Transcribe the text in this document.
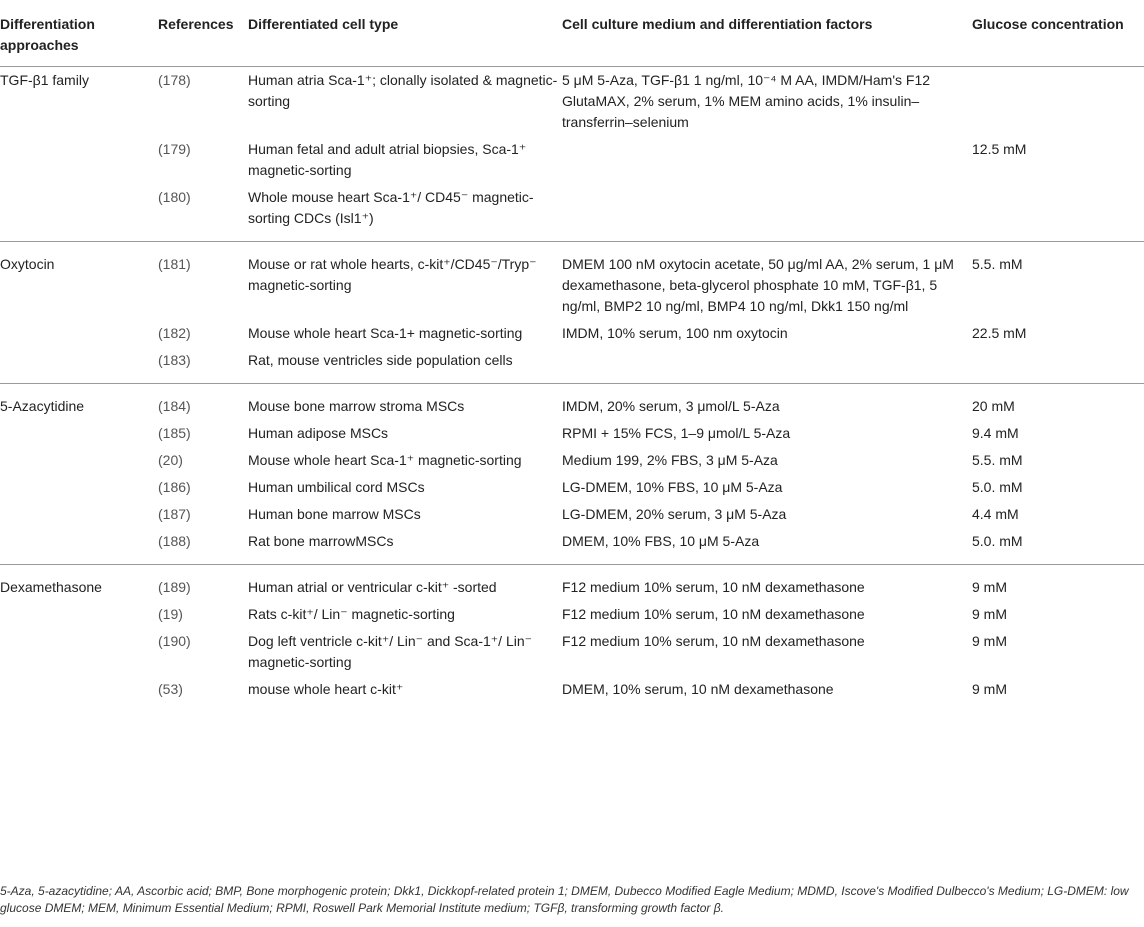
Differentiation approaches	References	Differentiated cell type	Cell culture medium and differentiation factors	Glucose concentration
TGF-β1 family	(178)	Human atria Sca-1⁺; clonally isolated & magnetic-sorting	5 μM 5-Aza, TGF-β1 1 ng/ml, 10⁻⁴ M AA, IMDM/Ham's F12 GlutaMAX, 2% serum, 1% MEM amino acids, 1% insulin–transferrin–selenium	
	(179)	Human fetal and adult atrial biopsies, Sca-1⁺ magnetic-sorting		12.5 mM
	(180)	Whole mouse heart Sca-1⁺/ CD45⁻ magnetic-sorting CDCs (Isl1⁺)		
Oxytocin	(181)	Mouse or rat whole hearts, c-kit⁺/CD45⁻/Tryp⁻ magnetic-sorting	DMEM 100 nM oxytocin acetate, 50 μg/ml AA, 2% serum, 1 μM dexamethasone, beta-glycerol phosphate 10 mM, TGF-β1, 5 ng/ml, BMP2 10 ng/ml, BMP4 10 ng/ml, Dkk1 150 ng/ml	5.5. mM
	(182)	Mouse whole heart Sca-1+ magnetic-sorting	IMDM, 10% serum, 100 nm oxytocin	22.5 mM
	(183)	Rat, mouse ventricles side population cells		
5-Azacytidine	(184)	Mouse bone marrow stroma MSCs	IMDM, 20% serum, 3 μmol/L 5-Aza	20 mM
	(185)	Human adipose MSCs	RPMI + 15% FCS, 1–9 μmol/L 5-Aza	9.4 mM
	(20)	Mouse whole heart Sca-1⁺ magnetic-sorting	Medium 199, 2% FBS, 3 μM 5-Aza	5.5. mM
	(186)	Human umbilical cord MSCs	LG-DMEM, 10% FBS, 10 μM 5-Aza	5.0. mM
	(187)	Human bone marrow MSCs	LG-DMEM, 20% serum, 3 μM 5-Aza	4.4 mM
	(188)	Rat bone marrowMSCs	DMEM, 10% FBS, 10 μM 5-Aza	5.0. mM
Dexamethasone	(189)	Human atrial or ventricular c-kit⁺ -sorted	F12 medium 10% serum, 10 nM dexamethasone	9 mM
	(19)	Rats c-kit⁺/ Lin⁻ magnetic-sorting	F12 medium 10% serum, 10 nM dexamethasone	9 mM
	(190)	Dog left ventricle c-kit⁺/ Lin⁻ and Sca-1⁺/ Lin⁻ magnetic-sorting	F12 medium 10% serum, 10 nM dexamethasone	9 mM
	(53)	mouse whole heart c-kit⁺	DMEM, 10% serum, 10 nM dexamethasone	9 mM
5-Aza, 5-azacytidine; AA, Ascorbic acid; BMP, Bone morphogenic protein; Dkk1, Dickkopf-related protein 1; DMEM, Dubecco Modified Eagle Medium; MDMD, Iscove's Modified Dulbecco's Medium; LG-DMEM: low glucose DMEM; MEM, Minimum Essential Medium; RPMI, Roswell Park Memorial Institute medium; TGFβ, transforming growth factor β.
